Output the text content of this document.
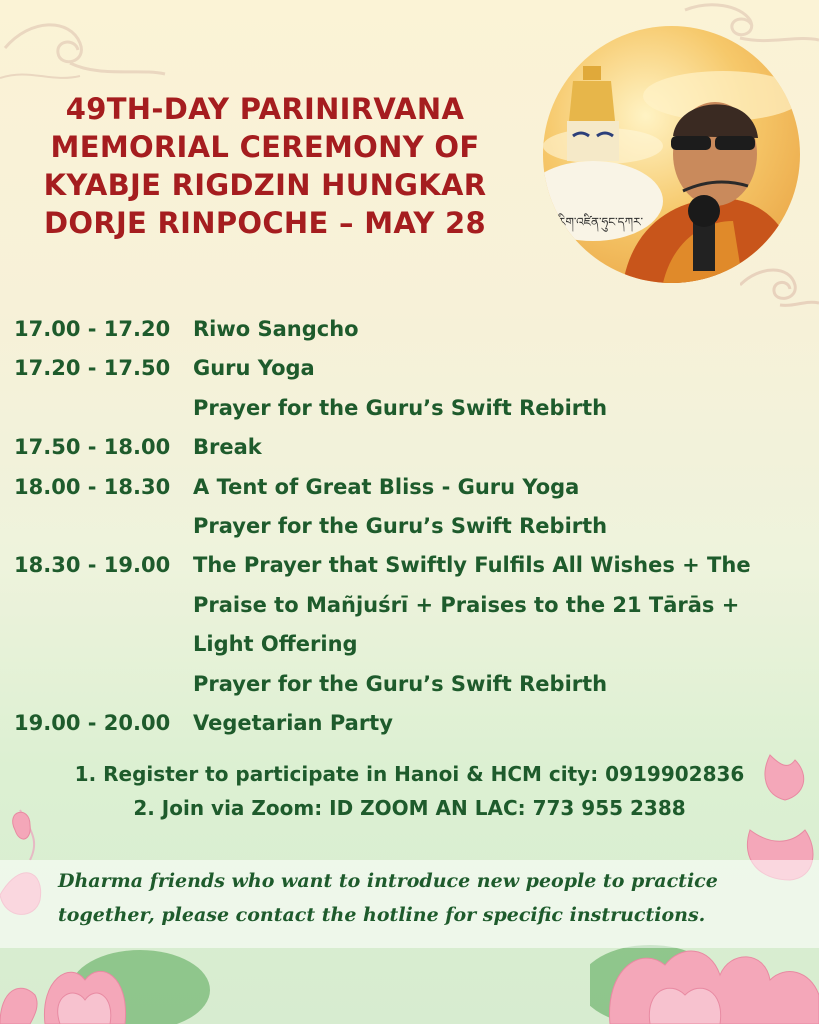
49TH-DAY PARINIRVANA
MEMORIAL CEREMONY OF
KYABJE RIGDZIN HUNGKAR
DORJE RINPOCHE – MAY 28	རིག་འཛིན་ཧུང་དཀར་
17.00 - 17.20	Riwo Sangcho
17.20 - 17.50	Guru Yoga
Prayer for the Guru’s Swift Rebirth
17.50 - 18.00	Break
18.00 - 18.30	A Tent of Great Bliss - Guru Yoga
Prayer for the Guru’s Swift Rebirth
18.30 - 19.00	The Prayer that Swiftly Fulfils All Wishes + The Praise to Mañjuśrī + Praises to the 21 Tārās + Light Offering
Prayer for the Guru’s Swift Rebirth
19.00 - 20.00	Vegetarian Party
1. Register to participate in Hanoi & HCM city: 0919902836
2. Join via Zoom: ID ZOOM AN LAC: 773 955 2388
Dharma friends who want to introduce new people to practice together, please contact the hotline for specific instructions.
